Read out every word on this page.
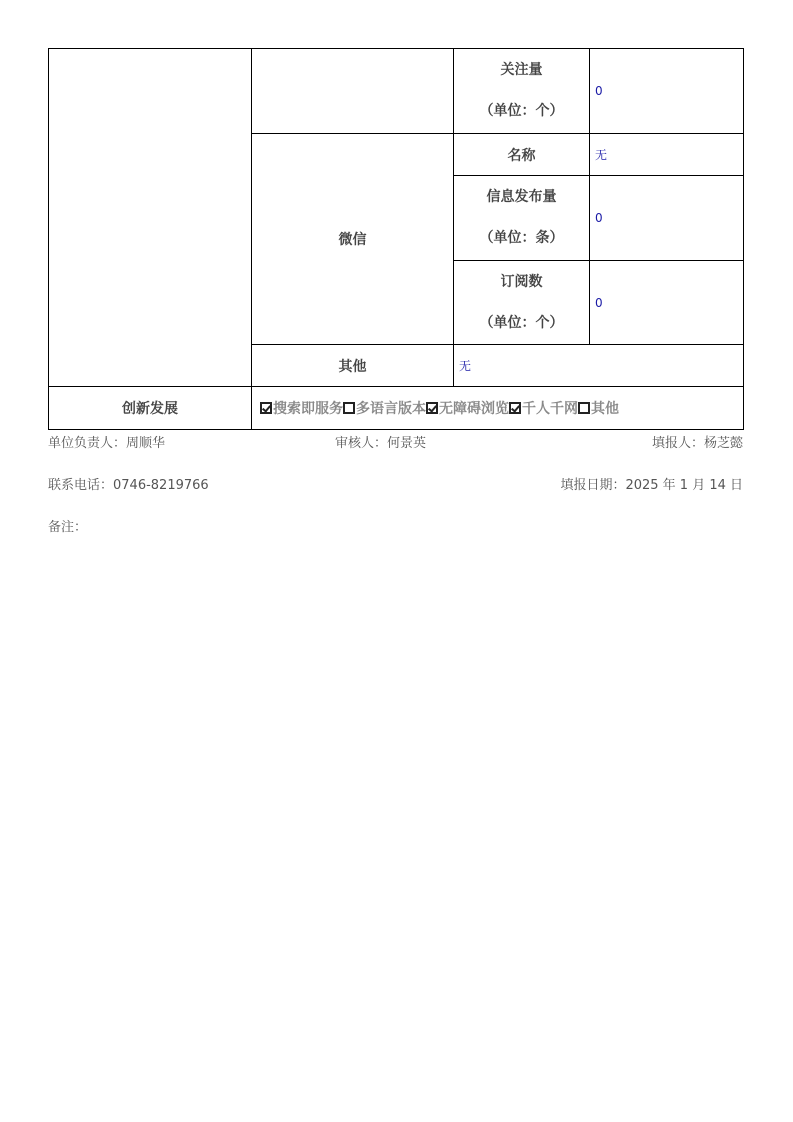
		关注量
（单位：个）	0
	微信	名称	无

		信息发布量
（单位：条）	0

		订阅数
（单位：个）	0
	其他	无	
创新发展	搜索即服务 多语言版本 无障碍浏览 千人千网 其他		
单位负责人：周顺华	审核人：何景英	填报人：杨芝懿
联系电话：0746-8219766	填报日期：2025 年 1 月 14 日
备注：
